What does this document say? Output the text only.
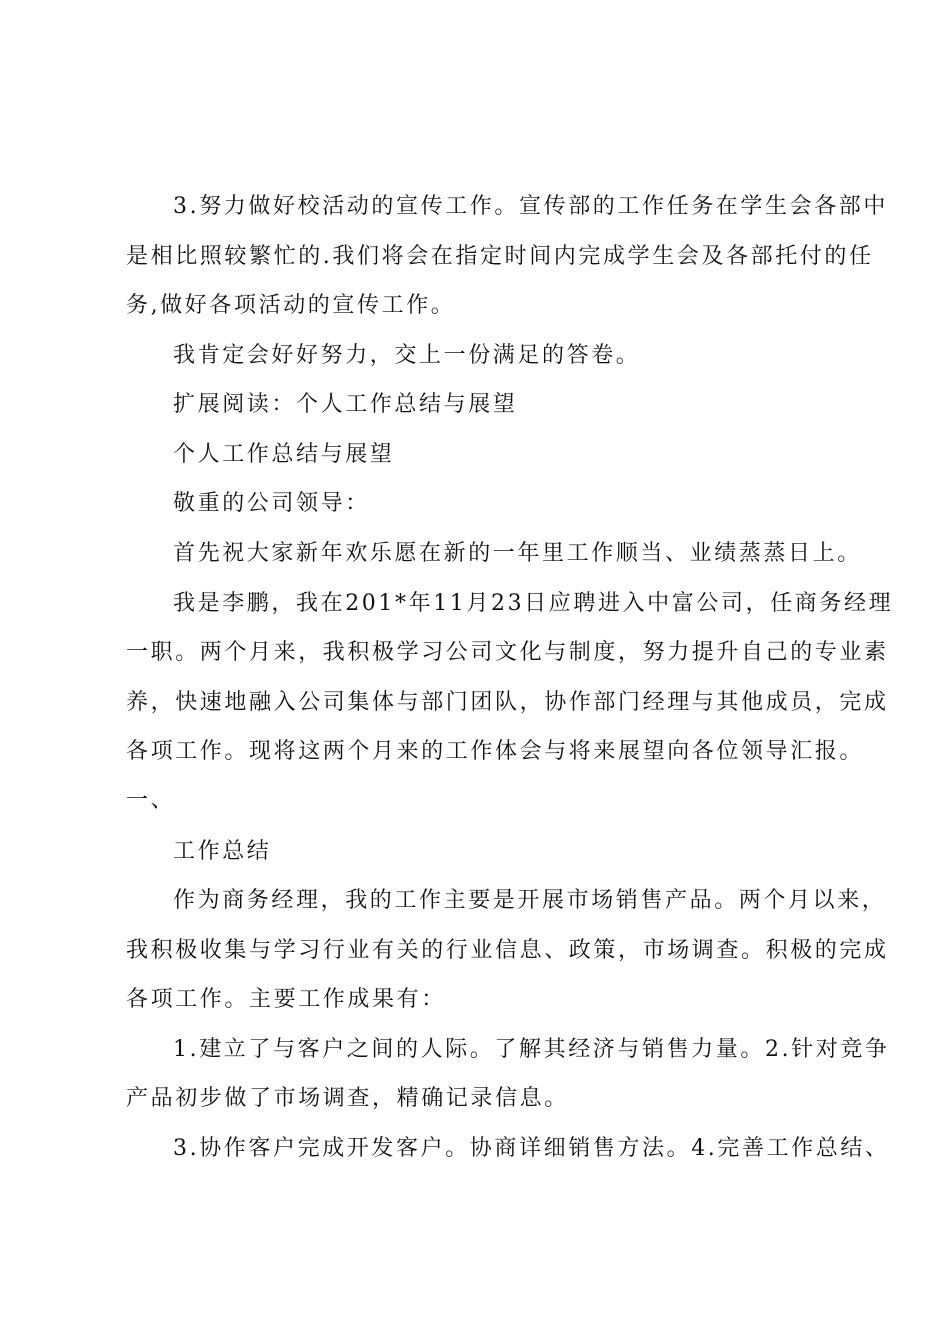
3.努力做好校活动的宣传工作。宣传部的工作任务在学生会各部中
是相比照较繁忙的.我们将会在指定时间内完成学生会及各部托付的任
务,做好各项活动的宣传工作。
我肯定会好好努力，交上一份满足的答卷。
扩展阅读：个人工作总结与展望
个人工作总结与展望
敬重的公司领导：
首先祝大家新年欢乐愿在新的一年里工作顺当、业绩蒸蒸日上。
我是李鹏，我在201*年11月23日应聘进入中富公司，任商务经理
一职。两个月来，我积极学习公司文化与制度，努力提升自己的专业素
养，快速地融入公司集体与部门团队，协作部门经理与其他成员，完成
各项工作。现将这两个月来的工作体会与将来展望向各位领导汇报。
一、
工作总结
作为商务经理，我的工作主要是开展市场销售产品。两个月以来，
我积极收集与学习行业有关的行业信息、政策，市场调查。积极的完成
各项工作。主要工作成果有：
1.建立了与客户之间的人际。了解其经济与销售力量。2.针对竞争
产品初步做了市场调查，精确记录信息。
3.协作客户完成开发客户。协商详细销售方法。4.完善工作总结、
